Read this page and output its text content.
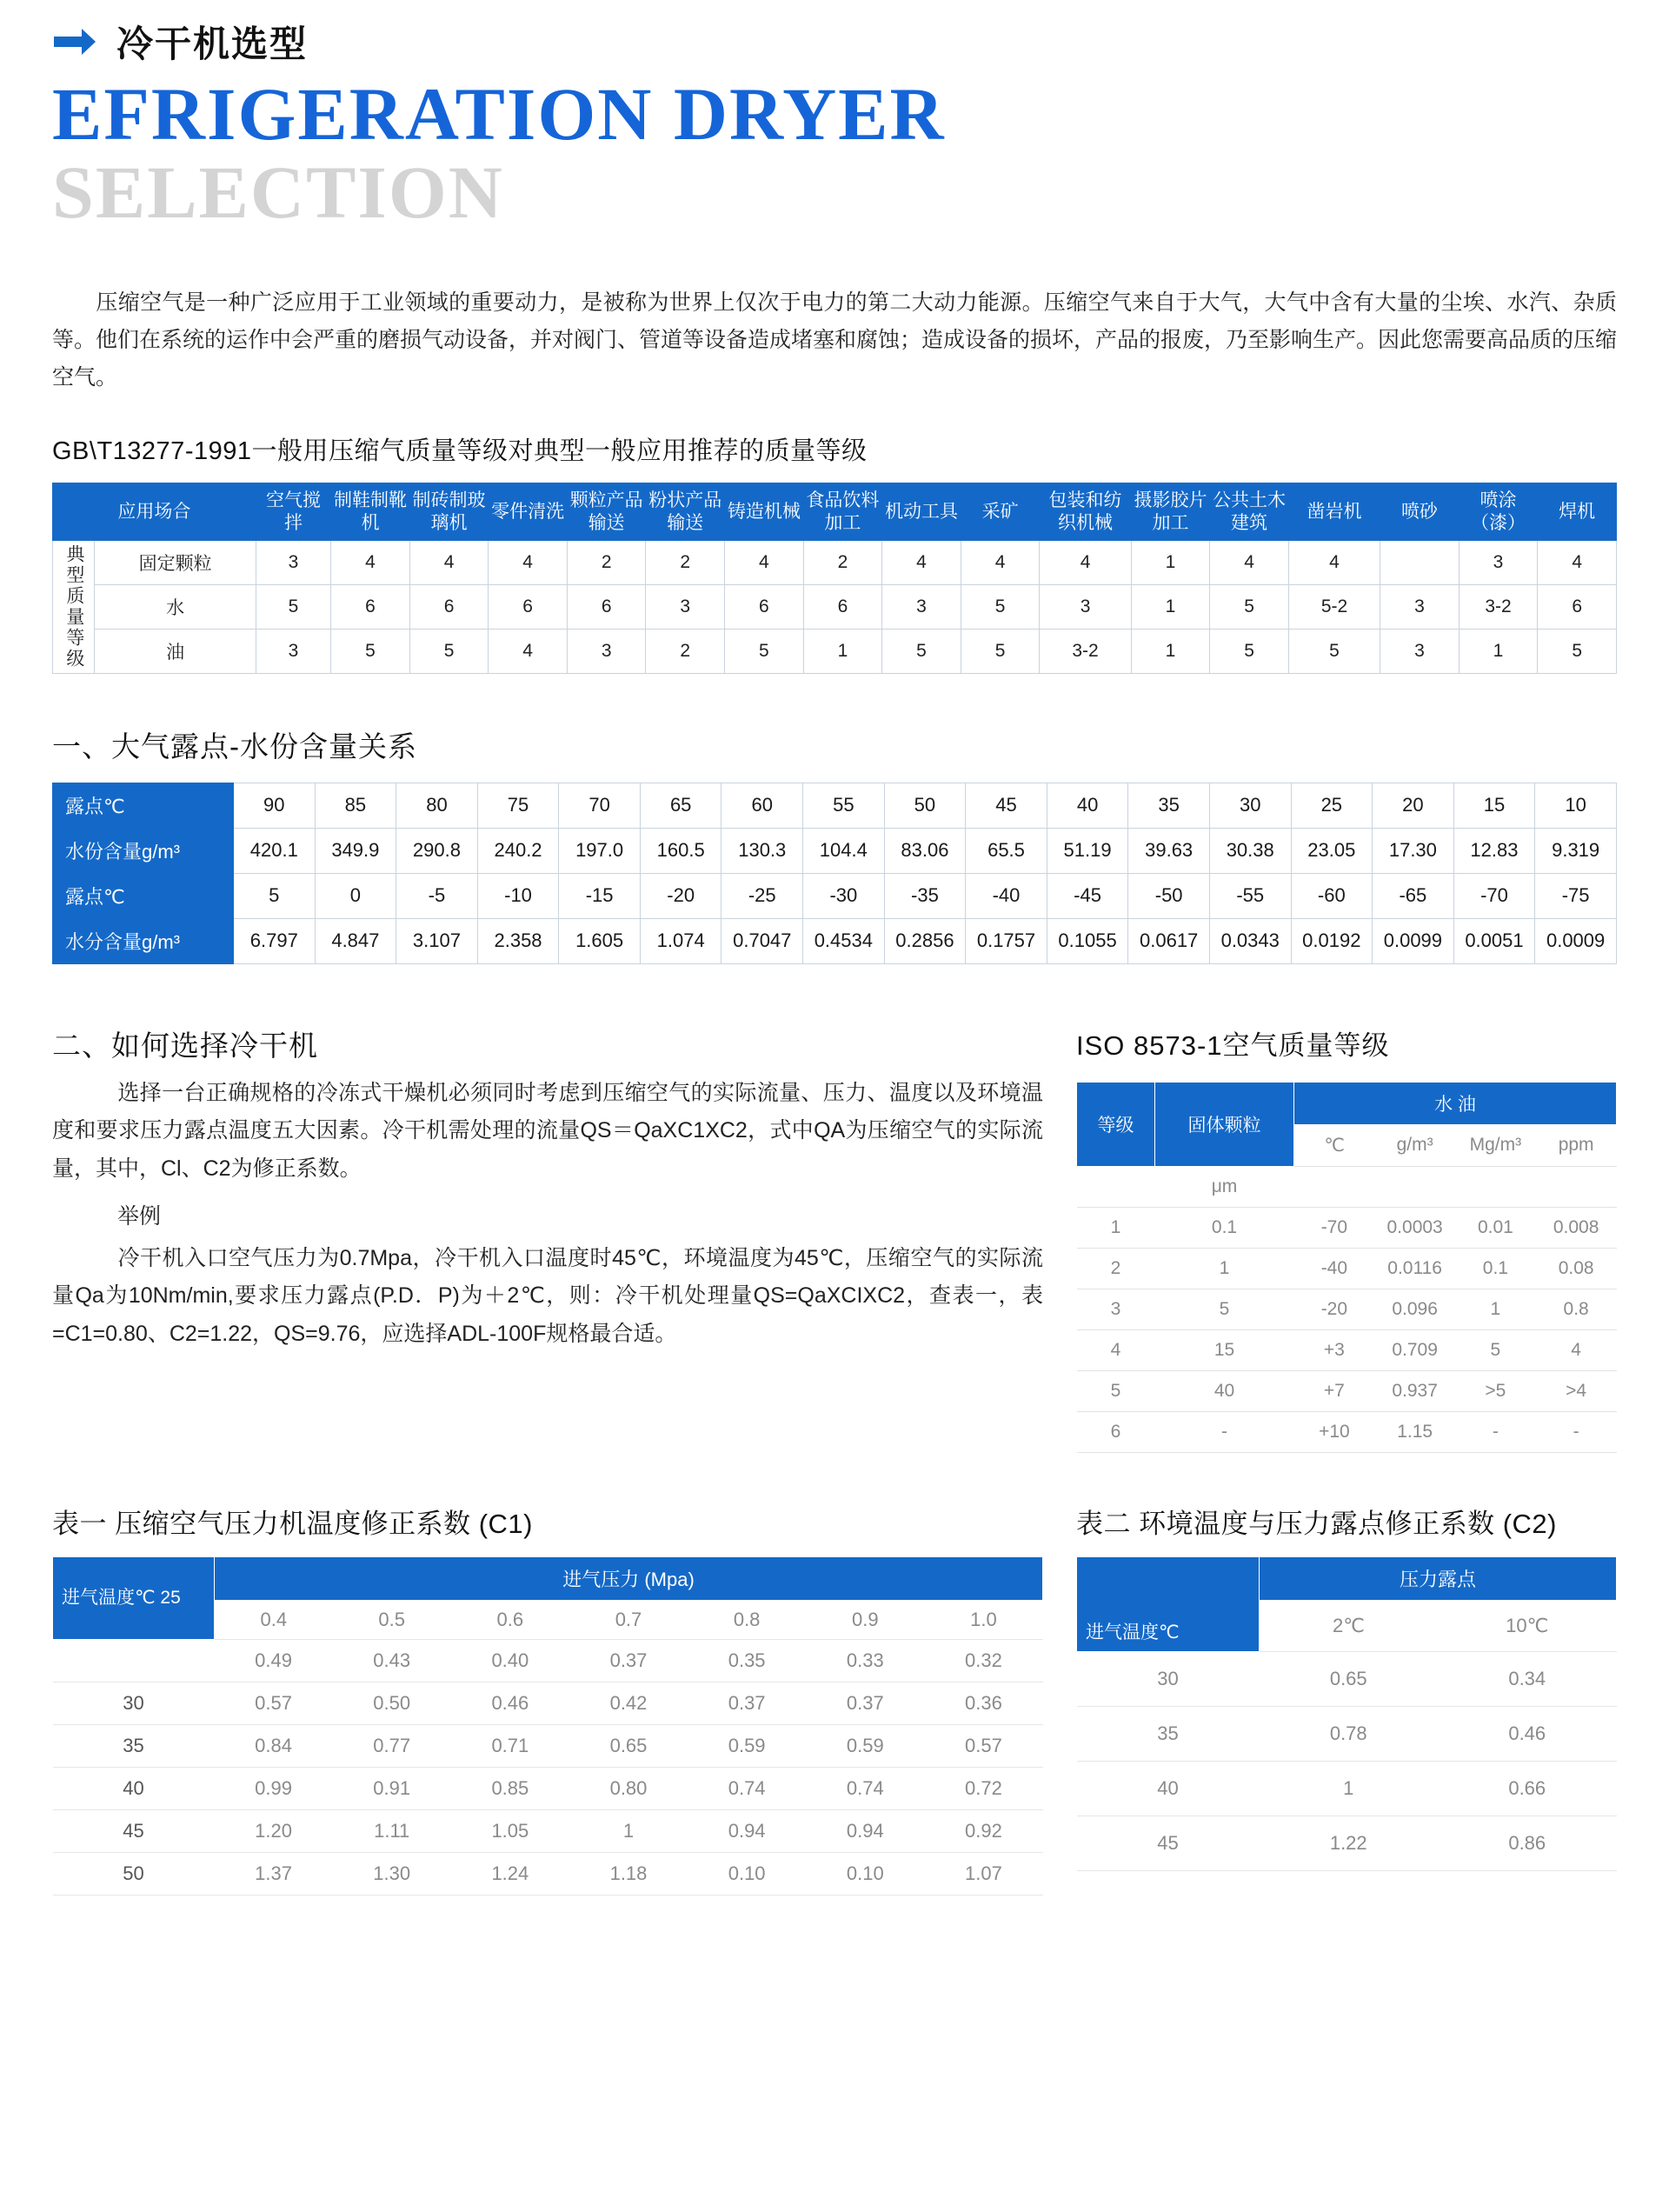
冷干机选型
EFRIGERATION DRYER
SELECTION
压缩空气是一种广泛应用于工业领域的重要动力，是被称为世界上仅次于电力的第二大动力能源。压缩空气来自于大气，大气中含有大量的尘埃、水汽、杂质等。他们在系统的运作中会严重的磨损气动设备，并对阀门、管道等设备造成堵塞和腐蚀；造成设备的损坏，产品的报废，乃至影响生产。因此您需要高品质的压缩空气。
GB\T13277-1991一般用压缩气质量等级对典型一般应用推荐的质量等级
应用场合		空气搅拌	制鞋制靴机	制砖制玻璃机	零件清洗	颗粒产品输送	粉状产品输送	铸造机械	食品饮料加工	机动工具	采矿	包装和纺织机械	摄影胶片加工	公共土木建筑	凿岩机	喷砂	喷涂（漆）	焊机
典型质量等级	固定颗粒	3	4	4	4	2	2	4	2	4	4	4	1	4	4		3	4
	水	5	6	6	6	6	3	6	6	3	5	3	1	5	5-2	3	3-2	6
	油	3	5	5	4	3	2	5	1	5	5	3-2	1	5	5	3	1	5
一、大气露点-水份含量关系
露点℃	90	85	80	75	70	65	60	55	50	45	40	35	30	25	20	15	10
水份含量g/m³	420.1	349.9	290.8	240.2	197.0	160.5	130.3	104.4	83.06	65.5	51.19	39.63	30.38	23.05	17.30	12.83	9.319
露点℃	5	0	-5	-10	-15	-20	-25	-30	-35	-40	-45	-50	-55	-60	-65	-70	-75
水分含量g/m³	6.797	4.847	3.107	2.358	1.605	1.074	0.7047	0.4534	0.2856	0.1757	0.1055	0.0617	0.0343	0.0192	0.0099	0.0051	0.0009
二、如何选择冷干机
选择一台正确规格的冷冻式干燥机必须同时考虑到压缩空气的实际流量、压力、温度以及环境温度和要求压力露点温度五大因素。冷干机需处理的流量QS＝QaXC1XC2，式中QA为压缩空气的实际流量，其中，Cl、C2为修正系数。
举例
冷干机入口空气压力为0.7Mpa，冷干机入口温度时45℃，环境温度为45℃，压缩空气的实际流量Qa为10Nm/min,要求压力露点(P.D．P)为＋2℃，则：冷干机处理量QS=QaXCIXC2，查表一，表=C1=0.80、C2=1.22，QS=9.76，应选择ADL-100F规格最合适。
ISO 8573-1空气质量等级
等级	固体颗粒	水 油			
		℃	g/m³	Mg/m³	ppm
	μm				
1	0.1	-70	0.0003	0.01	0.008
2	1	-40	0.0116	0.1	0.08
3	5	-20	0.096	1	0.8
4	15	+3	0.709	5	4
5	40	+7	0.937	>5	>4
6	-	+10	1.15	-	-
表一 压缩空气压力机温度修正系数 (C1)
进气温度℃ 25	进气压力 (Mpa)						
	0.4	0.5	0.6	0.7	0.8	0.9	1.0
	0.49	0.43	0.40	0.37	0.35	0.33	0.32
30	0.57	0.50	0.46	0.42	0.37	0.37	0.36
35	0.84	0.77	0.71	0.65	0.59	0.59	0.57
40	0.99	0.91	0.85	0.80	0.74	0.74	0.72
45	1.20	1.11	1.05	1	0.94	0.94	0.92
50	1.37	1.30	1.24	1.18	0.10	0.10	1.07
表二 环境温度与压力露点修正系数 (C2)
进气温度℃	压力露点	
	2℃	10℃
30	0.65	0.34
35	0.78	0.46
40	1	0.66
45	1.22	0.86
